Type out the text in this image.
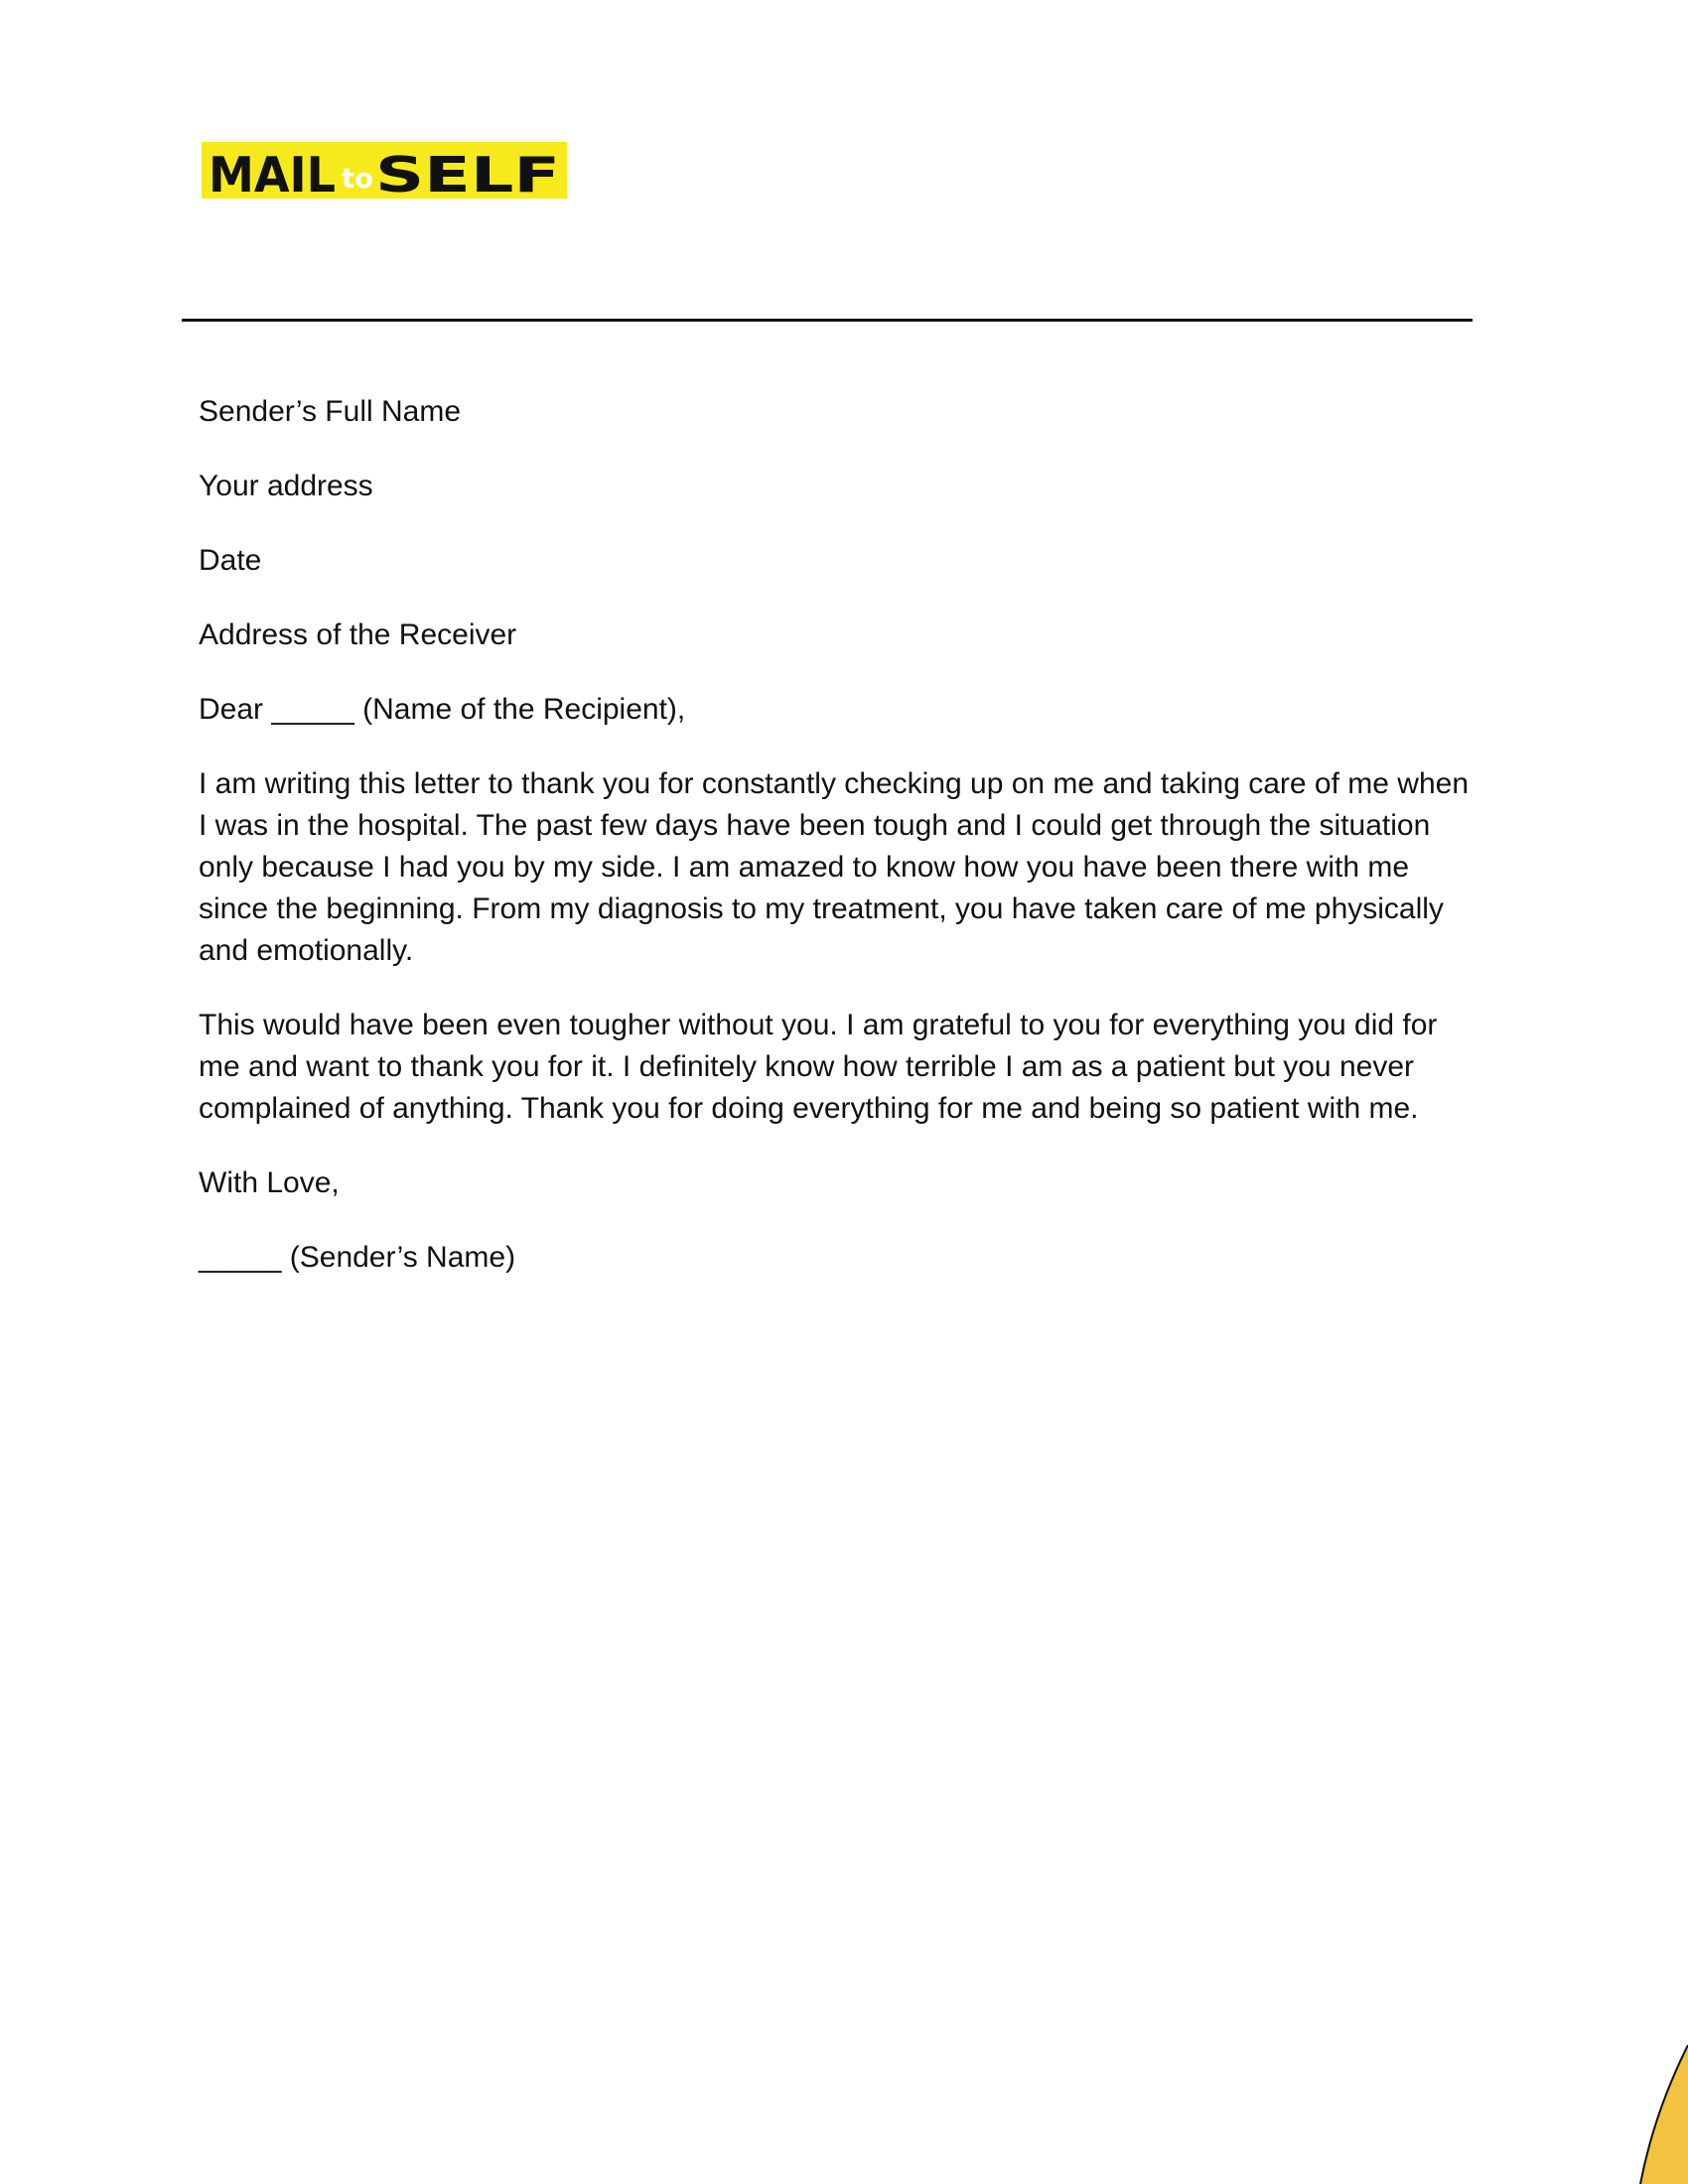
MAIL to SELF

Sender’s Full Name

Your address

Date

Address of the Receiver

Dear _____ (Name of the Recipient),

I am writing this letter to thank you for constantly checking up on me and taking care of me when I was in the hospital. The past few days have been tough and I could get through the situation only because I had you by my side. I am amazed to know how you have been there with me since the beginning. From my diagnosis to my treatment, you have taken care of me physically and emotionally.

This would have been even tougher without you. I am grateful to you for everything you did for me and want to thank you for it. I definitely know how terrible I am as a patient but you never complained of anything. Thank you for doing everything for me and being so patient with me.

With Love,

_____ (Sender’s Name)
